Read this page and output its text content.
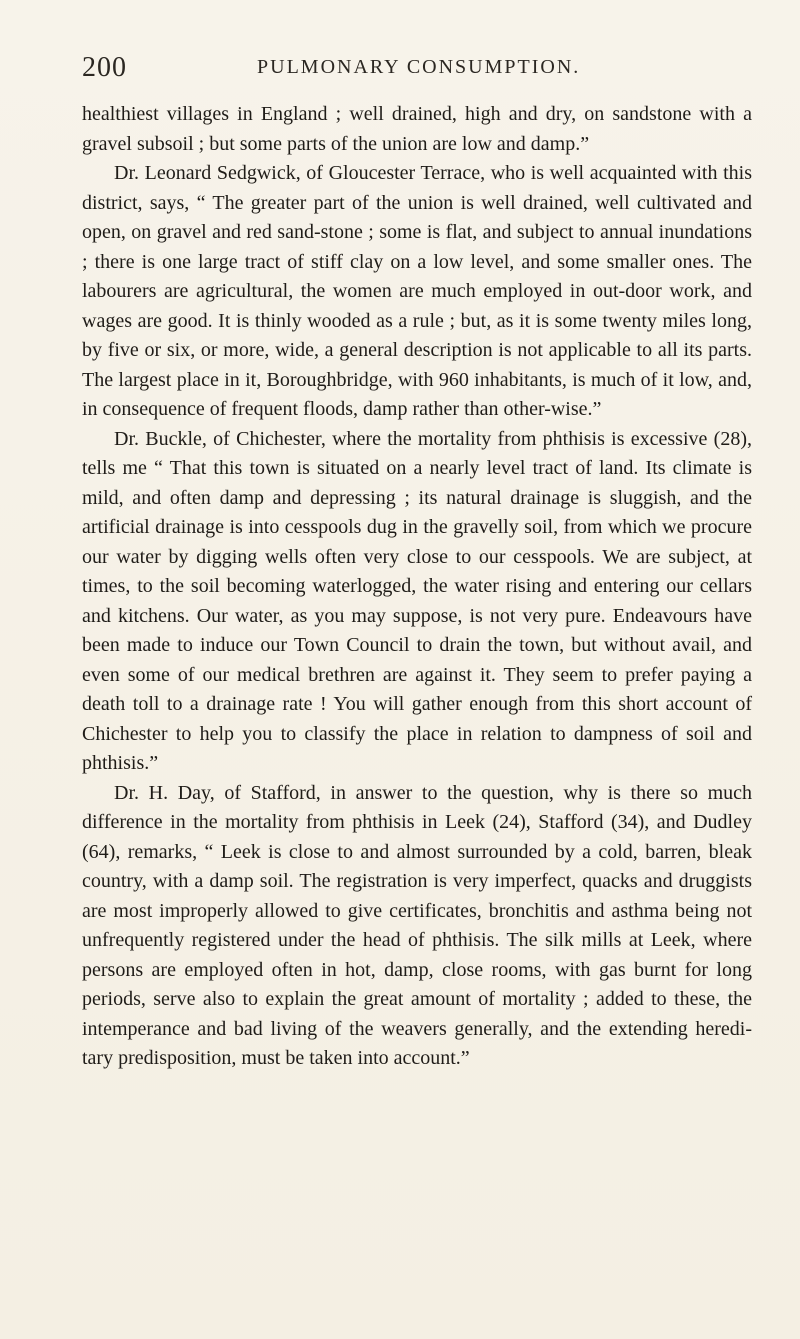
200	PULMONARY CONSUMPTION.

healthiest villages in England ; well drained, high and dry, on sandstone with a gravel subsoil ; but some parts of the union are low and damp.”

Dr. Leonard Sedgwick, of Gloucester Terrace, who is well acquainted with this district, says, “ The greater part of the union is well drained, well cultivated and open, on gravel and red sand-stone ; some is flat, and subject to annual inundations ; there is one large tract of stiff clay on a low level, and some smaller ones. The labourers are agricultural, the women are much employed in out-door work, and wages are good. It is thinly wooded as a rule ; but, as it is some twenty miles long, by five or six, or more, wide, a general description is not applicable to all its parts. The largest place in it, Boroughbridge, with 960 inhabitants, is much of it low, and, in consequence of frequent floods, damp rather than other-wise.”

Dr. Buckle, of Chichester, where the mortality from phthisis is excessive (28), tells me “ That this town is situated on a nearly level tract of land. Its climate is mild, and often damp and depressing ; its natural drainage is sluggish, and the artificial drainage is into cesspools dug in the gravelly soil, from which we procure our water by digging wells often very close to our cesspools. We are subject, at times, to the soil becoming waterlogged, the water rising and entering our cellars and kitchens. Our water, as you may suppose, is not very pure. Endeavours have been made to induce our Town Council to drain the town, but without avail, and even some of our medical brethren are against it. They seem to prefer paying a death toll to a drainage rate ! You will gather enough from this short account of Chichester to help you to classify the place in relation to dampness of soil and phthisis.”

Dr. H. Day, of Stafford, in answer to the question, why is there so much difference in the mortality from phthisis in Leek (24), Stafford (34), and Dudley (64), remarks, “ Leek is close to and almost surrounded by a cold, barren, bleak country, with a damp soil. The registration is very imperfect, quacks and druggists are most improperly allowed to give certificates, bronchitis and asthma being not unfrequently registered under the head of phthisis. The silk mills at Leek, where persons are employed often in hot, damp, close rooms, with gas burnt for long periods, serve also to explain the great amount of mortality ; added to these, the intemperance and bad living of the weavers generally, and the extending heredi-tary predisposition, must be taken into account.”
